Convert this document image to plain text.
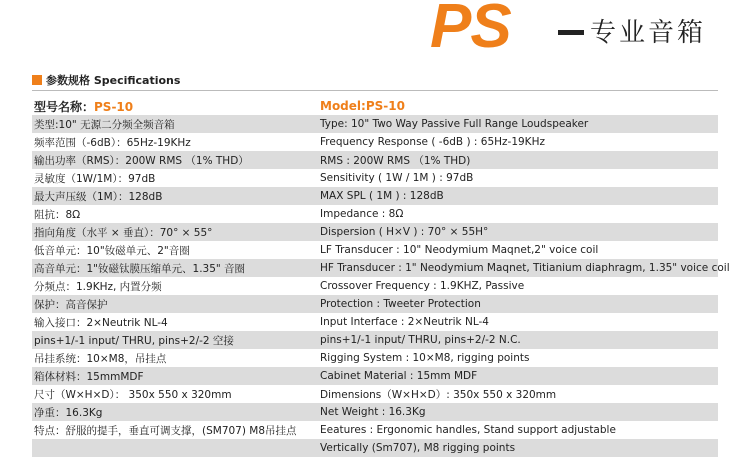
PS	专业音箱
参数规格 Specifications
型号名称：PS-10	Model:PS-10
类型:10" 无源二分频全频音箱	Type: 10" Two Way Passive Full Range Loudspeaker
频率范围（-6dB）：65Hz-19KHz	Frequency Response ( -6dB ) : 65Hz-19KHz
输出功率（RMS）：200W RMS （1% THD）	RMS : 200W RMS （1% THD)
灵敏度（1W/1M）：97dB	Sensitivity ( 1W / 1M ) : 97dB
最大声压级（1M）：128dB	MAX SPL ( 1M ) : 128dB
阻抗：8Ω	Impedance : 8Ω
指向角度（水平 × 垂直）：70° × 55°	Dispersion ( H×V ) : 70° × 55H°
低音单元：10"钕磁单元、2"音圈	LF Transducer : 10" Neodymium Maqnet,2" voice coil
高音单元：1"钕磁钛膜压缩单元、1.35" 音圈	HF Transducer : 1" Neodymium Maqnet, Titianium diaphragm, 1.35" voice coil
分频点：1.9KHz, 内置分频	Crossover Frequency : 1.9KHZ, Passive
保护：高音保护	Protection : Tweeter Protection
输入接口：2×Neutrik NL-4	Input Interface : 2×Neutrik NL-4
pins+1/-1 input/ THRU, pins+2/-2 空接	pins+1/-1 input/ THRU, pins+2/-2 N.C.
吊挂系统：10×M8，吊挂点	Rigging System : 10×M8, rigging points
箱体材料：15mmMDF	Cabinet Material : 15mm MDF
尺寸（W×H×D）： 350x 550 x 320mm	Dimensions（W×H×D）: 350x 550 x 320mm
净重：16.3Kg	Net Weight : 16.3Kg
特点：舒服的提手，垂直可调支撑，(SM707) M8吊挂点	Eeatures : Ergonomic handles, Stand support adjustable
Vertically (Sm707), M8 rigging points
